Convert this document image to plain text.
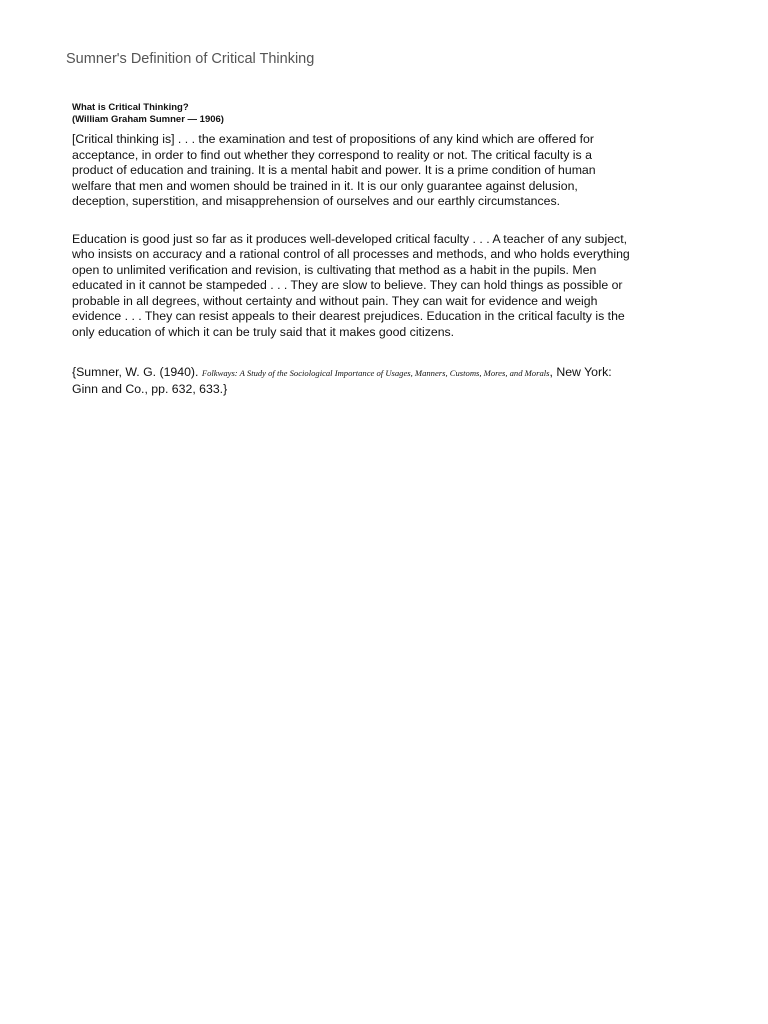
Sumner's Definition of Critical Thinking

What is Critical Thinking?

(William Graham Sumner — 1906)

[Critical thinking is] . . . the examination and test of propositions of any kind which are offered for acceptance, in order to find out whether they correspond to reality or not. The critical faculty is a product of education and training. It is a mental habit and power. It is a prime condition of human welfare that men and women should be trained in it. It is our only guarantee against delusion, deception, superstition, and misapprehension of ourselves and our earthly circumstances.

Education is good just so far as it produces well-developed critical faculty . . . A teacher of any subject, who insists on accuracy and a rational control of all processes and methods, and who holds everything open to unlimited verification and revision, is cultivating that method as a habit in the pupils. Men educated in it cannot be stampeded . . . They are slow to believe. They can hold things as possible or probable in all degrees, without certainty and without pain. They can wait for evidence and weigh evidence . . . They can resist appeals to their dearest prejudices. Education in the critical faculty is the only education of which it can be truly said that it makes good citizens.

{Sumner, W. G. (1940). Folkways: A Study of the Sociological Importance of Usages, Manners, Customs, Mores, and Morals, New York: Ginn and Co., pp. 632, 633.}
